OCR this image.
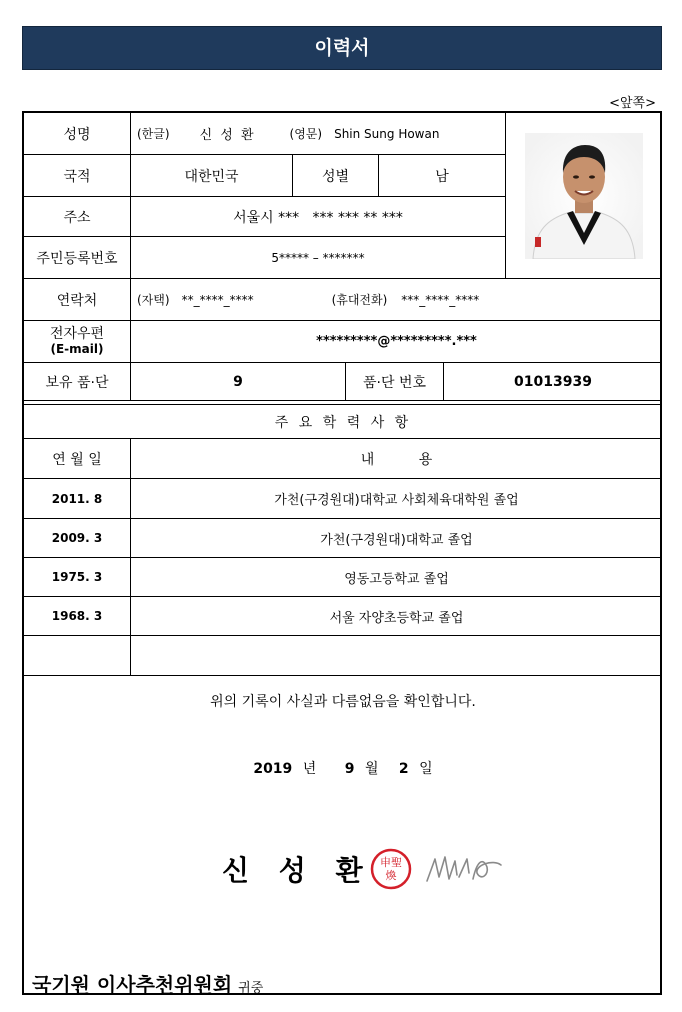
이력서
<앞쪽>
성명	(한글) 신 성 환	(영문) Shin Sung Howan
국적	대한민국	성별	남
주소	서울시 ***   *** *** ** ***
주민등록번호	5***** – *******
연락처	(자택) **_****_****	(휴대전화) ***_****_****
전자우편
(E-mail)	*********@*********.***
보유 품·단	9	품·단 번호	01013939
주 요 학 력 사 항
연 월 일	내          용
2011. 8	가천(구경원대)대학교 사회체육대학원 졸업
2009. 3	가천(구경원대)대학교 졸업
1975. 3	영동고등학교 졸업
1968. 3	서울 자양초등학교 졸업
위의 기록이 사실과 다름없음을 확인합니다.
2019 년 9 월 2 일
신 성 환 申聖
煥
국기원 이사추천위원회 귀중
